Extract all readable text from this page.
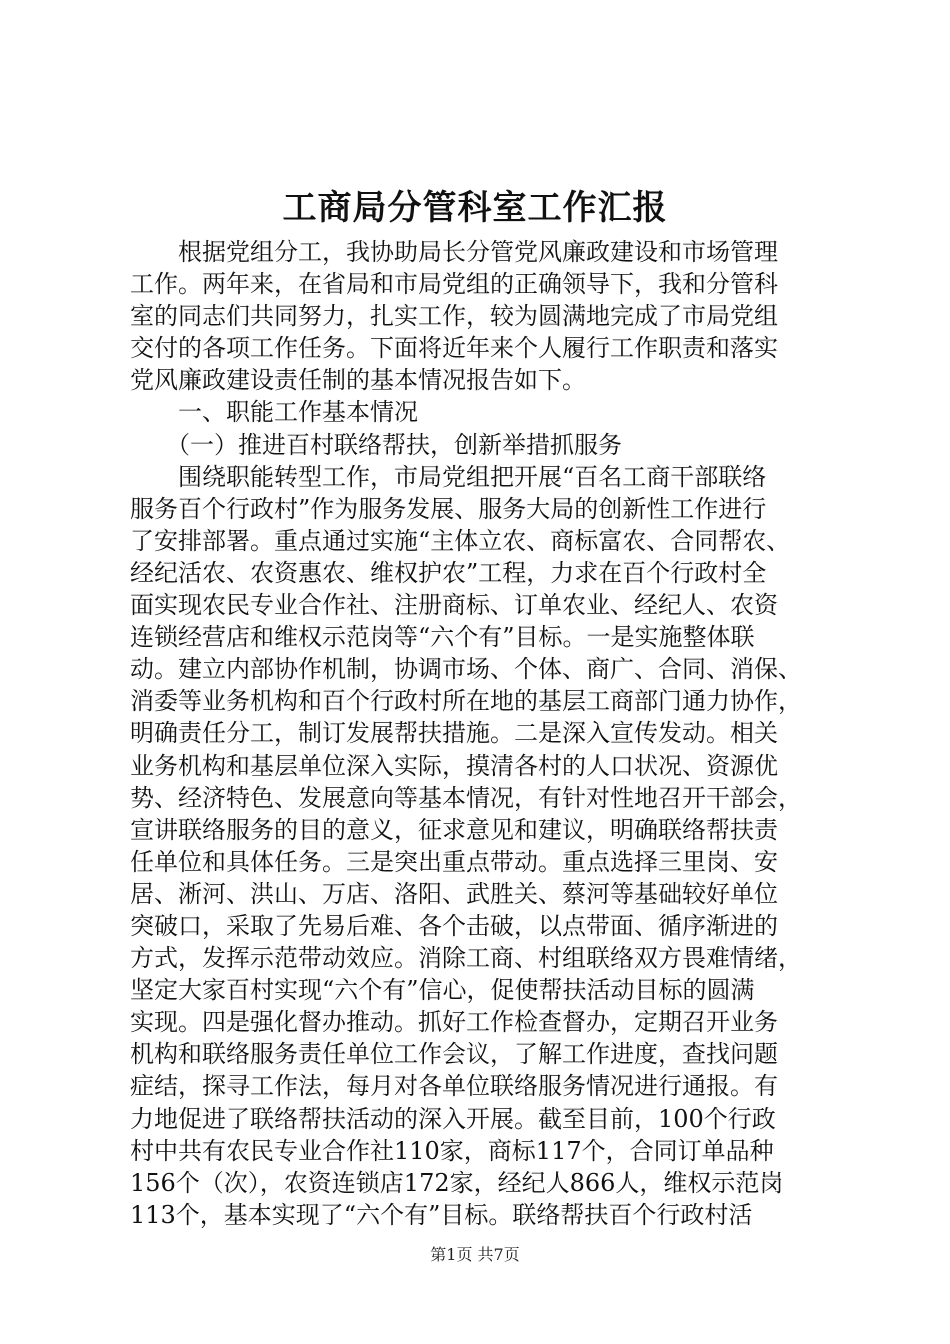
工商局分管科室工作汇报
　　根据党组分工，我协助局长分管党风廉政建设和市场管理
工作。两年来，在省局和市局党组的正确领导下，我和分管科
室的同志们共同努力，扎实工作，较为圆满地完成了市局党组
交付的各项工作任务。下面将近年来个人履行工作职责和落实
党风廉政建设责任制的基本情况报告如下。
　　一、职能工作基本情况
　　（一）推进百村联络帮扶，创新举措抓服务
　　围绕职能转型工作，市局党组把开展“百名工商干部联络
服务百个行政村”作为服务发展、服务大局的创新性工作进行
了安排部署。重点通过实施“主体立农、商标富农、合同帮农、
经纪活农、农资惠农、维权护农”工程，力求在百个行政村全
面实现农民专业合作社、注册商标、订单农业、经纪人、农资
连锁经营店和维权示范岗等“六个有”目标。一是实施整体联
动。建立内部协作机制，协调市场、个体、商广、合同、消保、
消委等业务机构和百个行政村所在地的基层工商部门通力协作，
明确责任分工，制订发展帮扶措施。二是深入宣传发动。相关
业务机构和基层单位深入实际，摸清各村的人口状况、资源优
势、经济特色、发展意向等基本情况，有针对性地召开干部会，
宣讲联络服务的目的意义，征求意见和建议，明确联络帮扶责
任单位和具体任务。三是突出重点带动。重点选择三里岗、安
居、淅河、洪山、万店、洛阳、武胜关、蔡河等基础较好单位
突破口，采取了先易后难、各个击破，以点带面、循序渐进的
方式，发挥示范带动效应。消除工商、村组联络双方畏难情绪，
坚定大家百村实现“六个有”信心，促使帮扶活动目标的圆满
实现。四是强化督办推动。抓好工作检查督办，定期召开业务
机构和联络服务责任单位工作会议，了解工作进度，查找问题
症结，探寻工作法，每月对各单位联络服务情况进行通报。有
力地促进了联络帮扶活动的深入开展。截至目前，100个行政
村中共有农民专业合作社110家，商标117个，合同订单品种
156个（次），农资连锁店172家，经纪人866人，维权示范岗
113个，基本实现了“六个有”目标。联络帮扶百个行政村活
第1页 共7页
